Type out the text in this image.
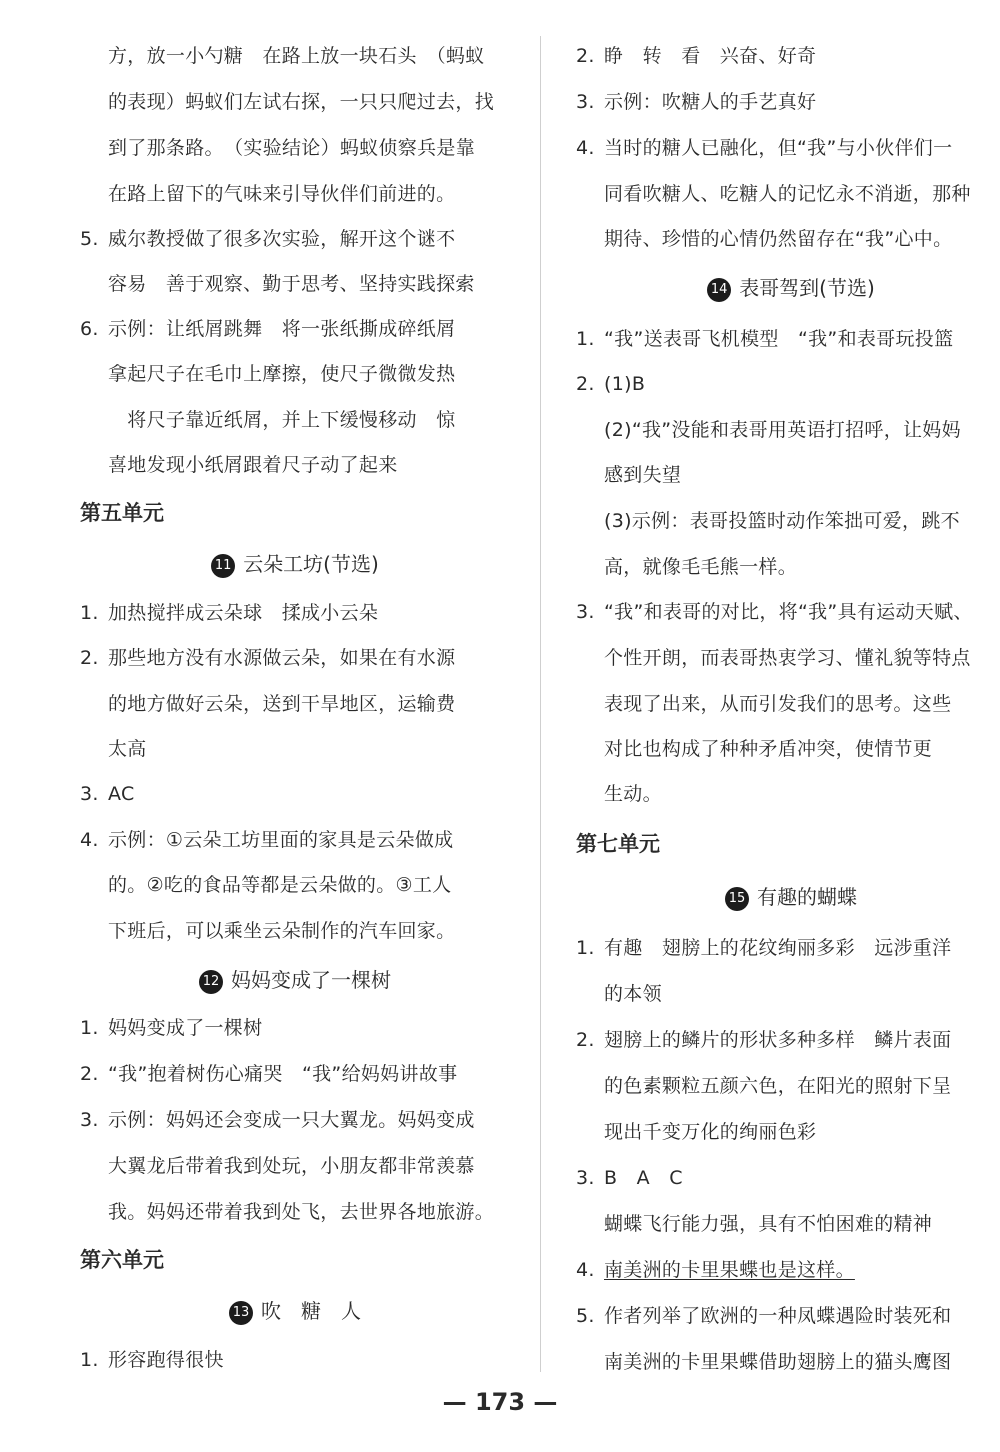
方，放一小勺糖　在路上放一块石头　（蚂蚁
的表现）蚂蚁们左试右探，一只只爬过去，找
到了那条路。　（实验结论）蚂蚁侦察兵是靠
在路上留下的气味来引导伙伴们前进的。
5. 威尔教授做了很多次实验，解开这个谜不
容易　善于观察、勤于思考、坚持实践探索
6. 示例：让纸屑跳舞　将一张纸撕成碎纸屑
拿起尺子在毛巾上摩擦，使尺子微微发热
　将尺子靠近纸屑，并上下缓慢移动　惊
喜地发现小纸屑跟着尺子动了起来
第五单元
11 云朵工坊(节选)
1. 加热搅拌成云朵球　揉成小云朵
2. 那些地方没有水源做云朵，如果在有水源
的地方做好云朵，送到干旱地区，运输费
太高
3. AC
4. 示例：①云朵工坊里面的家具是云朵做成
的。②吃的食品等都是云朵做的。③工人
下班后，可以乘坐云朵制作的汽车回家。
12 妈妈变成了一棵树
1. 妈妈变成了一棵树
2. “我”抱着树伤心痛哭　“我”给妈妈讲故事
3. 示例：妈妈还会变成一只大翼龙。妈妈变成
大翼龙后带着我到处玩，小朋友都非常羡慕
我。妈妈还带着我到处飞，去世界各地旅游。
第六单元
13 吹　糖　人
1. 形容跑得很快
2. 睁　转　看　兴奋、好奇
3. 示例：吹糖人的手艺真好
4. 当时的糖人已融化，但“我”与小伙伴们一
同看吹糖人、吃糖人的记忆永不消逝，那种
期待、珍惜的心情仍然留存在“我”心中。
14 表哥驾到(节选)
1. “我”送表哥飞机模型　“我”和表哥玩投篮
2. (1)B
(2)“我”没能和表哥用英语打招呼，让妈妈
感到失望
(3)示例：表哥投篮时动作笨拙可爱，跳不
高，就像毛毛熊一样。
3. “我”和表哥的对比，将“我”具有运动天赋、
个性开朗，而表哥热衷学习、懂礼貌等特点
表现了出来，从而引发我们的思考。这些
对比也构成了种种矛盾冲突，使情节更
生动。
第七单元
15 有趣的蝴蝶
1. 有趣　翅膀上的花纹绚丽多彩　远涉重洋
的本领
2. 翅膀上的鳞片的形状多种多样　鳞片表面
的色素颗粒五颜六色，在阳光的照射下呈
现出千变万化的绚丽色彩
3. B　A　C
蝴蝶飞行能力强，具有不怕困难的精神
4. 南美洲的卡里果蝶也是这样。
5. 作者列举了欧洲的一种凤蝶遇险时装死和
南美洲的卡里果蝶借助翅膀上的猫头鹰图
— 173 —
